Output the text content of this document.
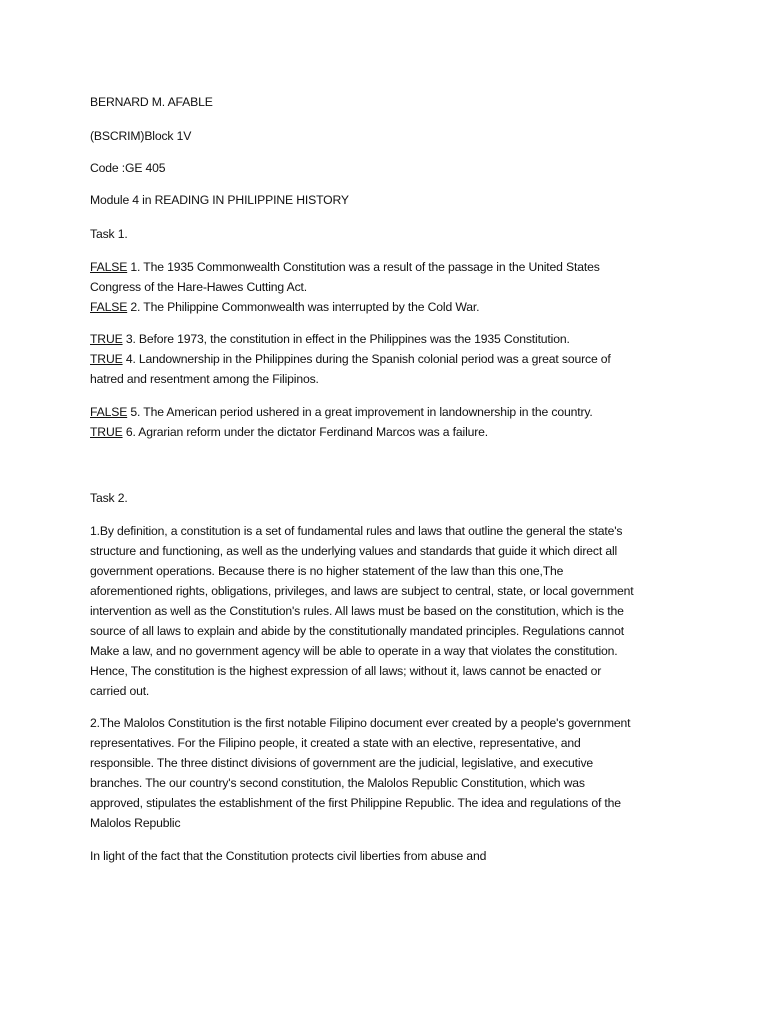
BERNARD M. AFABLE
(BSCRIM)Block 1V
Code :GE 405
Module 4 in READING IN PHILIPPINE HISTORY
Task 1.
FALSE 1. The 1935 Commonwealth Constitution was a result of the passage in the United States
Congress of the Hare-Hawes Cutting Act.
FALSE 2. The Philippine Commonwealth was interrupted by the Cold War.
TRUE 3. Before 1973, the constitution in effect in the Philippines was the 1935 Constitution.
TRUE 4. Landownership in the Philippines during the Spanish colonial period was a great source of
hatred and resentment among the Filipinos.
FALSE 5. The American period ushered in a great improvement in landownership in the country.
TRUE 6. Agrarian reform under the dictator Ferdinand Marcos was a failure.
Task 2.
1.By definition, a constitution is a set of fundamental rules and laws that outline the general the state's
structure and functioning, as well as the underlying values and standards that guide it which direct all
government operations. Because there is no higher statement of the law than this one,The
aforementioned rights, obligations, privileges, and laws are subject to central, state, or local government
intervention as well as the Constitution's rules. All laws must be based on the constitution, which is the
source of all laws to explain and abide by the constitutionally mandated principles. Regulations cannot
Make a law, and no government agency will be able to operate in a way that violates the constitution.
Hence, The constitution is the highest expression of all laws; without it, laws cannot be enacted or
carried out.
2.The Malolos Constitution is the first notable Filipino document ever created by a people's government
representatives. For the Filipino people, it created a state with an elective, representative, and
responsible. The three distinct divisions of government are the judicial, legislative, and executive
branches. The our country's second constitution, the Malolos Republic Constitution, which was
approved, stipulates the establishment of the first Philippine Republic. The idea and regulations of the
Malolos Republic
In light of the fact that the Constitution protects civil liberties from abuse and
